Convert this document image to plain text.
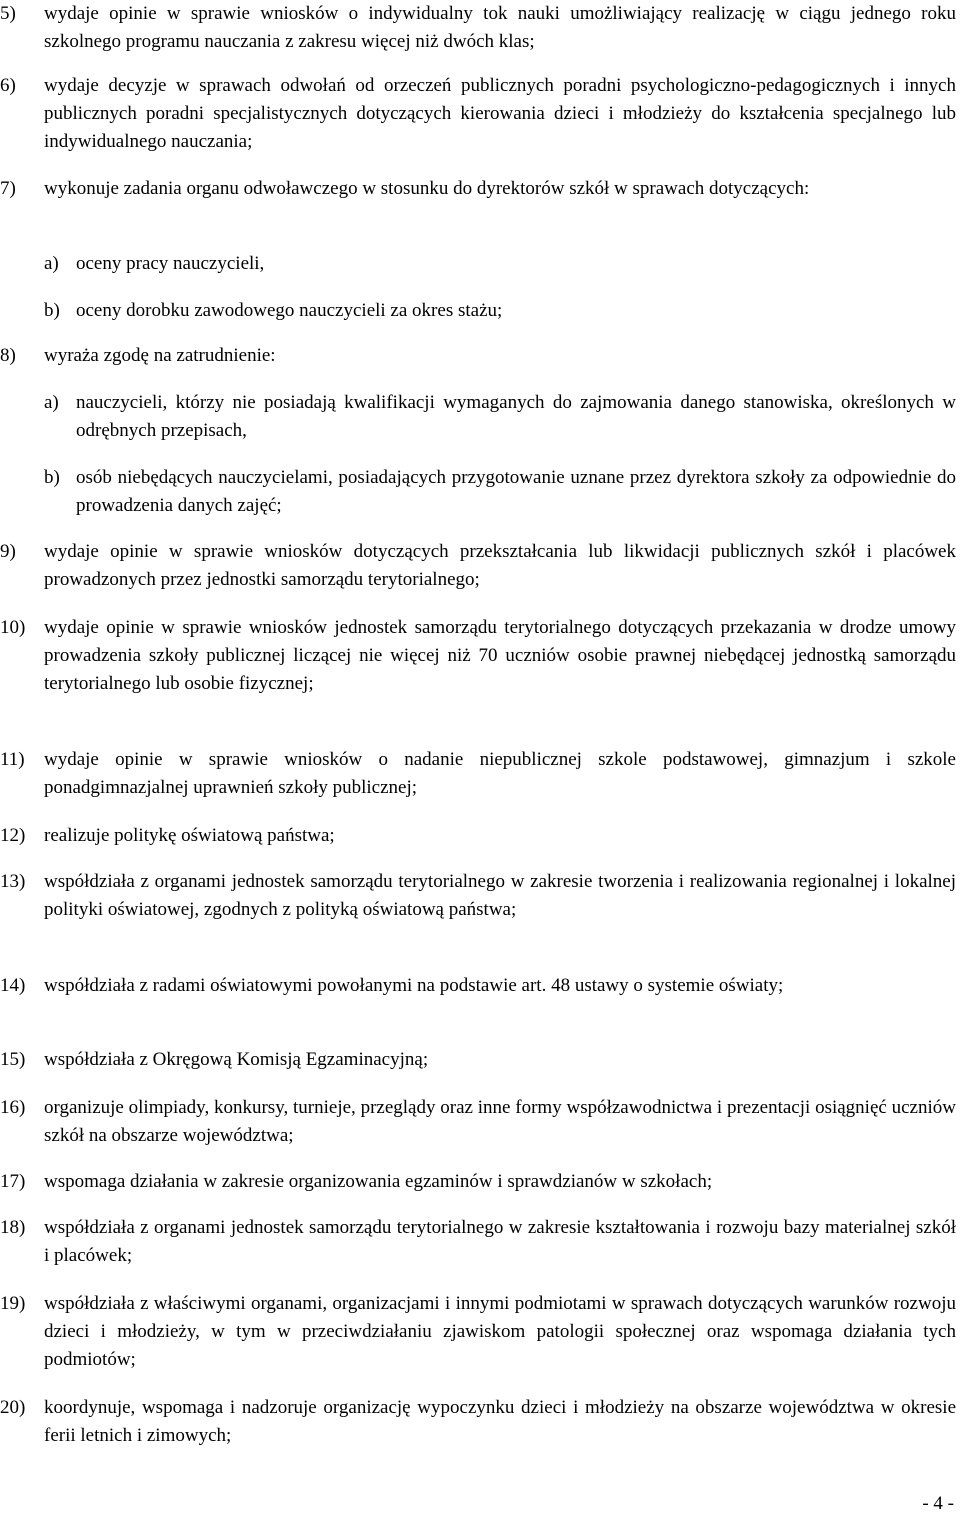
5)	wydaje opinie w sprawie wniosków o indywidualny tok nauki umożliwiający realizację w ciągu jednego roku szkolnego programu nauczania z zakresu więcej niż dwóch klas;
6)	wydaje decyzje w sprawach odwołań od orzeczeń publicznych poradni psychologiczno-pedagogicznych i innych publicznych poradni specjalistycznych dotyczących kierowania dzieci i młodzieży do kształcenia specjalnego lub indywidualnego nauczania;
7)	wykonuje zadania organu odwoławczego w stosunku do dyrektorów szkół w sprawach dotyczących:
a) oceny pracy nauczycieli,
b) oceny dorobku zawodowego nauczycieli za okres stażu;
8)	wyraża zgodę na zatrudnienie:
a) nauczycieli, którzy nie posiadają kwalifikacji wymaganych do zajmowania danego stanowiska, określonych w odrębnych przepisach,
b) osób niebędących nauczycielami, posiadających przygotowanie uznane przez dyrektora szkoły za odpowiednie do prowadzenia danych zajęć;
9)	wydaje opinie w sprawie wniosków dotyczących przekształcania lub likwidacji publicznych szkół i placówek prowadzonych przez jednostki samorządu terytorialnego;
10) wydaje opinie w sprawie wniosków jednostek samorządu terytorialnego dotyczących przekazania w drodze umowy prowadzenia szkoły publicznej liczącej nie więcej niż 70 uczniów osobie prawnej niebędącej jednostką samorządu terytorialnego lub osobie fizycznej;
11)	wydaje opinie w sprawie wniosków o nadanie niepublicznej szkole podstawowej, gimnazjum i szkole ponadgimnazjalnej uprawnień szkoły publicznej;
12) realizuje politykę oświatową państwa;
13) współdziała z organami jednostek samorządu terytorialnego w zakresie tworzenia i realizowania regionalnej i lokalnej polityki oświatowej, zgodnych z polityką oświatową państwa;
14) współdziała z radami oświatowymi powołanymi na podstawie art. 48 ustawy o systemie oświaty;
15) współdziała z Okręgową Komisją Egzaminacyjną;
16) organizuje olimpiady, konkursy, turnieje, przeglądy oraz inne formy współzawodnictwa i prezentacji osiągnięć uczniów szkół na obszarze województwa;
17) wspomaga działania w zakresie organizowania egzaminów i sprawdzianów w szkołach;
18) współdziała z organami jednostek samorządu terytorialnego w zakresie kształtowania i rozwoju bazy materialnej szkół i placówek;
19) współdziała z właściwymi organami, organizacjami i innymi podmiotami w sprawach dotyczących warunków rozwoju dzieci i młodzieży, w tym w przeciwdziałaniu zjawiskom patologii społecznej oraz wspomaga działania tych podmiotów;
20) koordynuje, wspomaga i nadzoruje organizację wypoczynku dzieci i młodzieży na obszarze województwa w okresie ferii letnich i zimowych;
- 4 -
